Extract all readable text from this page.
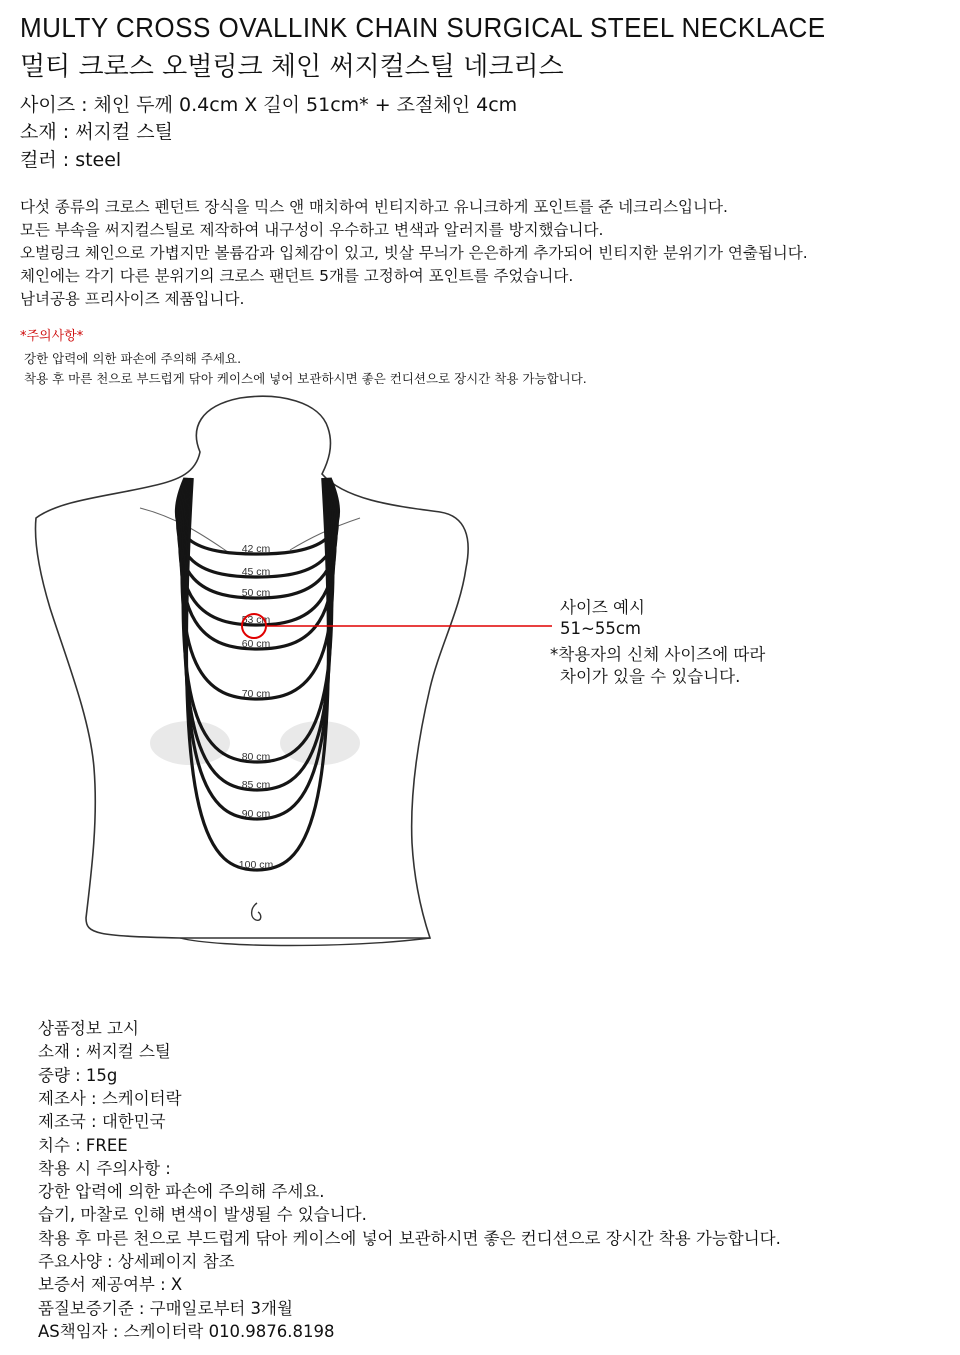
MULTY CROSS OVALLINK CHAIN SURGICAL STEEL NECKLACE
멀티 크로스 오벌링크 체인 써지컬스틸 네크리스
사이즈 : 체인 두께 0.4cm X 길이 51cm* + 조절체인 4cm
소재 : 써지컬 스틸
컬러 : steel
다섯 종류의 크로스 펜던트 장식을 믹스 앤 매치하여 빈티지하고 유니크하게 포인트를 준 네크리스입니다.
모든 부속을 써지컬스틸로 제작하여 내구성이 우수하고 변색과 알러지를 방지했습니다.
오벌링크 체인으로 가볍지만 볼륨감과 입체감이 있고, 빗살 무늬가 은은하게 추가되어 빈티지한 분위기가 연출됩니다.
체인에는 각기 다른 분위기의 크로스 팬던트 5개를 고정하여 포인트를 주었습니다.
남녀공용 프리사이즈 제품입니다.
*주의사항*
강한 압력에 의한 파손에 주의해 주세요.
착용 후 마른 천으로 부드럽게 닦아 케이스에 넣어 보관하시면 좋은 컨디션으로 장시간 착용 가능합니다.
42 cm
45 cm
50 cm
53 cm
60 cm
70 cm
80 cm
85 cm
90 cm
100 cm
사이즈 예시
51~55cm
*착용자의 신체 사이즈에 따라
차이가 있을 수 있습니다.
상품정보 고시
소재 : 써지컬 스틸
중량 : 15g
제조사 : 스케이터락
제조국 : 대한민국
치수 : FREE
착용 시 주의사항 :
강한 압력에 의한 파손에 주의해 주세요.
습기, 마찰로 인해 변색이 발생될 수 있습니다.
착용 후 마른 천으로 부드럽게 닦아 케이스에 넣어 보관하시면 좋은 컨디션으로 장시간 착용 가능합니다.
주요사양 : 상세페이지 참조
보증서 제공여부 : X
품질보증기준 : 구매일로부터 3개월
AS책임자 : 스케이터락 010.9876.8198
